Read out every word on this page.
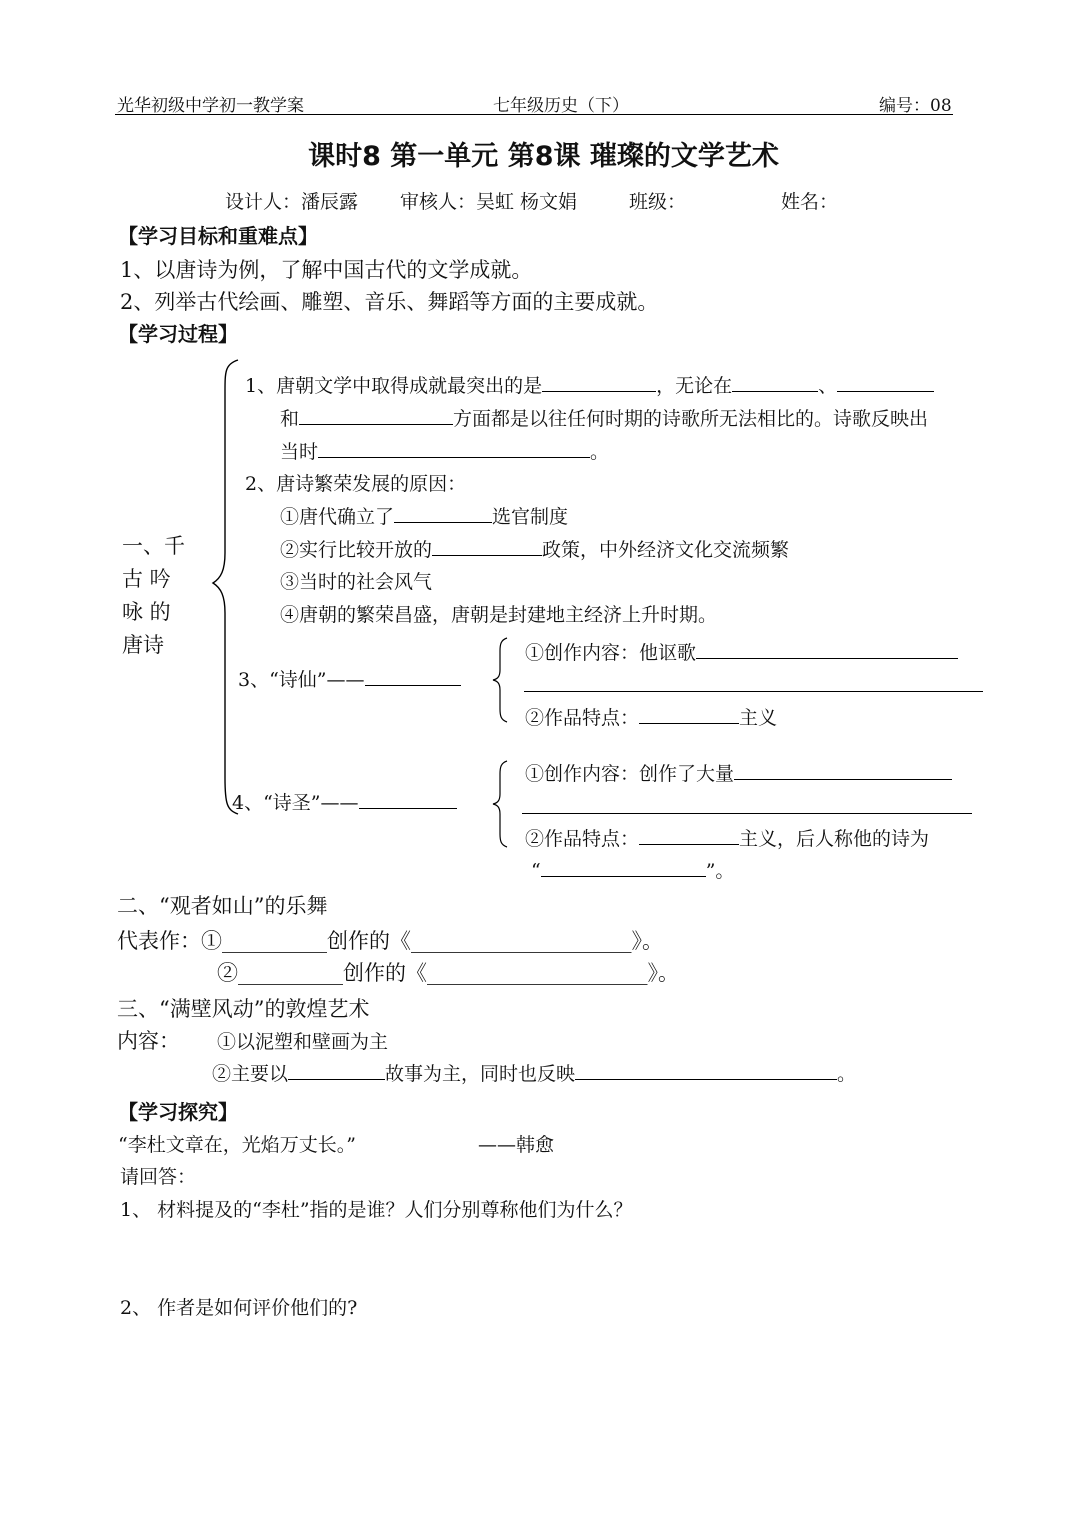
光华初级中学初一教学案	七年级历史（下）	编号：08
课时8 第一单元 第8课 璀璨的文学艺术
设计人：潘辰露 审核人：吴虹 杨文娟	班级：	姓名：
【学习目标和重难点】
1、以唐诗为例，了解中国古代的文学成就。
2、列举古代绘画、雕塑、音乐、舞蹈等方面的主要成就。
【学习过程】
一、千
古 吟
咏 的
唐诗
1、唐朝文学中取得成就最突出的是	，无论在	、
和	方面都是以往任何时期的诗歌所无法相比的。诗歌反映出
当时	。
2、唐诗繁荣发展的原因：
①唐代确立了	选官制度
②实行比较开放的	政策，中外经济文化交流频繁
③当时的社会风气
④唐朝的繁荣昌盛，唐朝是封建地主经济上升时期。
3、“诗仙”——
①创作内容：他讴歌
②作品特点：	主义
4、“诗圣”——
①创作内容：创作了大量
②作品特点：	主义，后人称他的诗为
“	”。
二、“观者如山”的乐舞
代表作：①__________创作的《_____________________》。
②__________创作的《_____________________》。
三、“满壁风动”的敦煌艺术
内容： ①以泥塑和壁画为主
②主要以	故事为主，同时也反映	。
【学习探究】
“李杜文章在，光焰万丈长。”	——韩愈
请回答：
1、 材料提及的“李杜”指的是谁？人们分别尊称他们为什么？
2、 作者是如何评价他们的?
